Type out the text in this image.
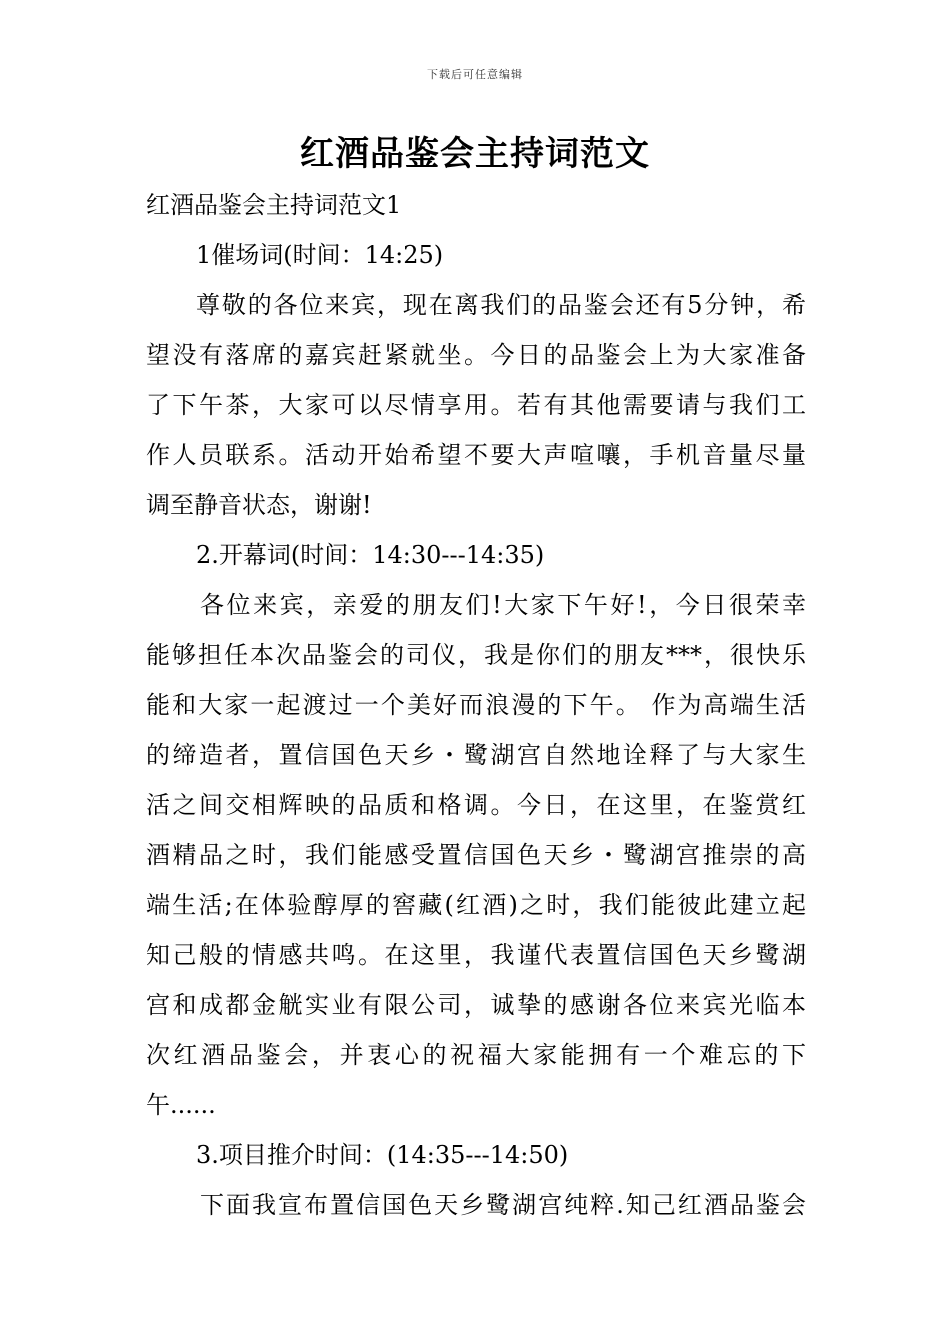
下载后可任意编辑
红酒品鉴会主持词范文
红酒品鉴会主持词范文1
1催场词(时间：14:25)
尊敬的各位来宾，现在离我们的品鉴会还有5分钟，希
望没有落席的嘉宾赶紧就坐。今日的品鉴会上为大家准备
了下午茶，大家可以尽情享用。若有其他需要请与我们工
作人员联系。活动开始希望不要大声喧嚷，手机音量尽量
调至静音状态，谢谢!
2.开幕词(时间：14:30---14:35)
各位来宾，亲爱的朋友们!大家下午好!，今日很荣幸
能够担任本次品鉴会的司仪，我是你们的朋友***，很快乐
能和大家一起渡过一个美好而浪漫的下午。 作为高端生活
的缔造者，置信国色天乡・鹭湖宫自然地诠释了与大家生
活之间交相辉映的品质和格调。今日，在这里，在鉴赏红
酒精品之时，我们能感受置信国色天乡・鹭湖宫推崇的高
端生活;在体验醇厚的窖藏(红酒)之时，我们能彼此建立起
知己般的情感共鸣。在这里，我谨代表置信国色天乡鹭湖
宫和成都金觥实业有限公司，诚挚的感谢各位来宾光临本
次红酒品鉴会，并衷心的祝福大家能拥有一个难忘的下
午......
3.项目推介时间：(14:35---14:50)
下面我宣布置信国色天乡鹭湖宫纯粹.知己红酒品鉴会
